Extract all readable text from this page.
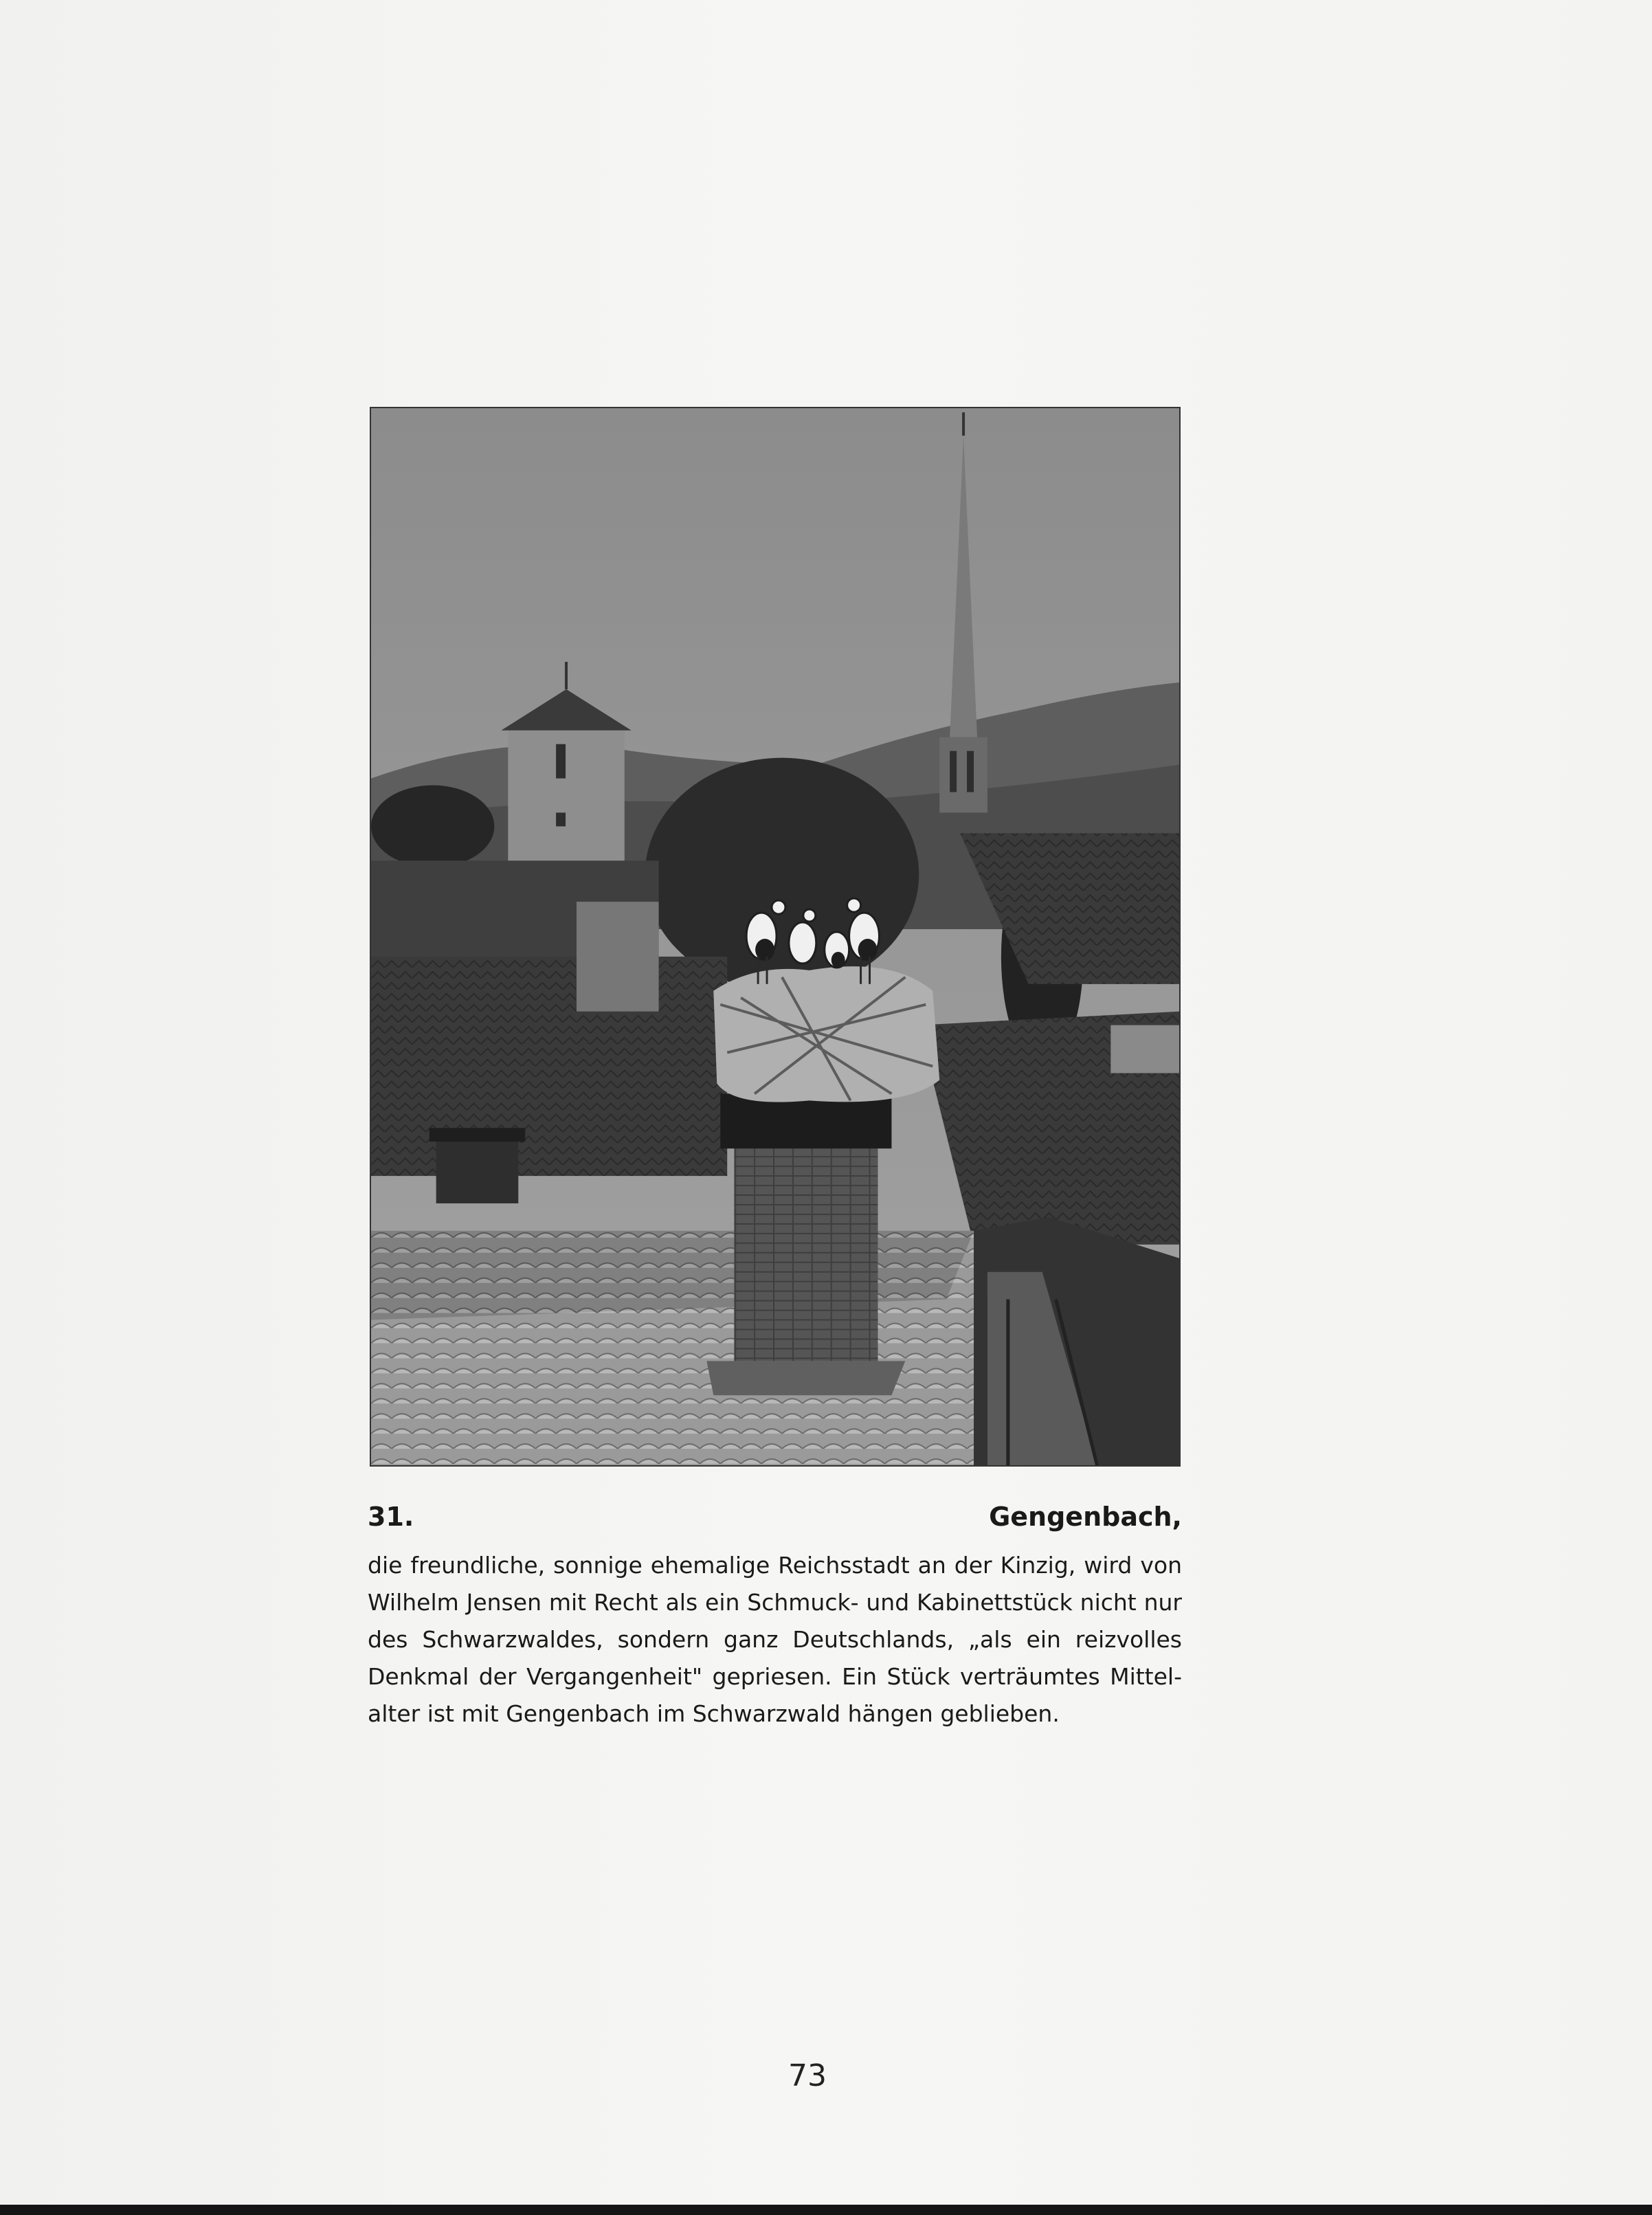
31.	Gengenbach,
die freundliche, sonnige ehemalige Reichsstadt an der Kinzig, wird von
Wilhelm Jensen mit Recht als ein Schmuck- und Kabinettstück nicht nur
des Schwarzwaldes, sondern ganz Deutschlands, „als ein reizvolles
Denkmal der Vergangenheit" gepriesen. Ein Stück verträumtes Mittel-
alter ist mit Gengenbach im Schwarzwald hängen geblieben.
73
